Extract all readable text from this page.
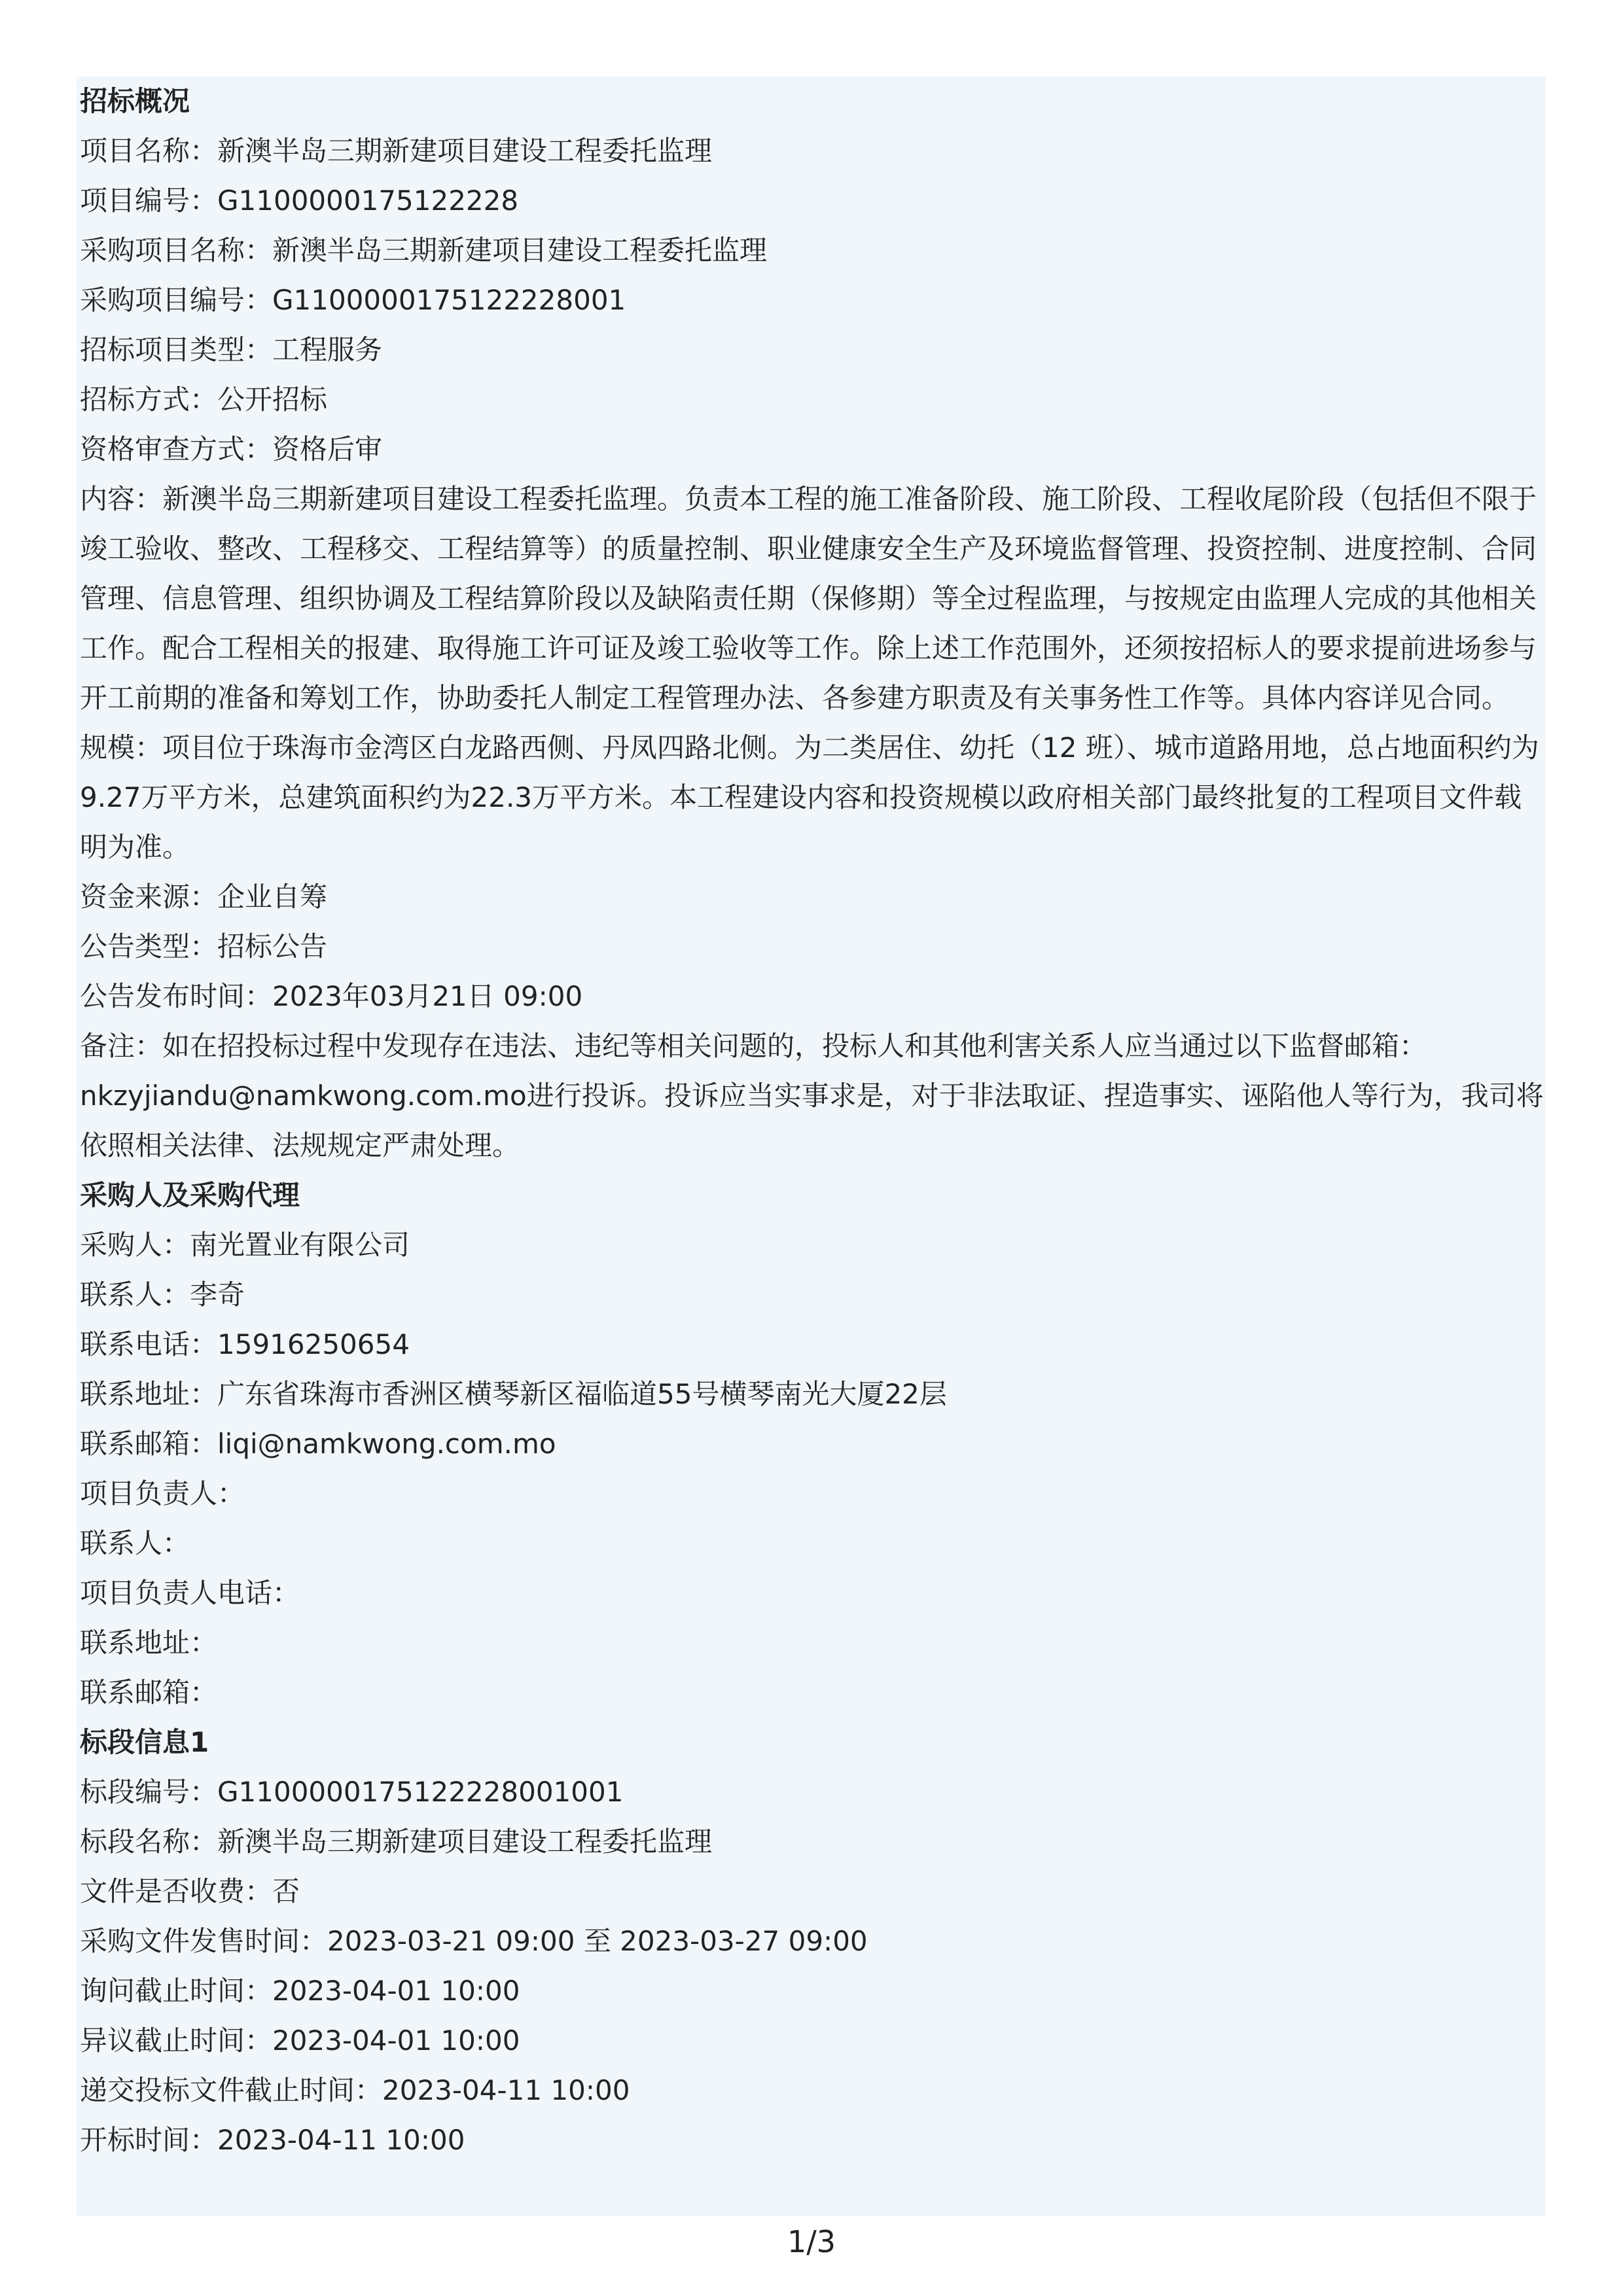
招标概况
项目名称：新澳半岛三期新建项目建设工程委托监理
项目编号：G1100000175122228
采购项目名称：新澳半岛三期新建项目建设工程委托监理
采购项目编号：G1100000175122228001
招标项目类型：工程服务
招标方式：公开招标
资格审查方式：资格后审
内容：新澳半岛三期新建项目建设工程委托监理。负责本工程的施工准备阶段、施工阶段、工程收尾阶段（包括但不限于竣工验收、整改、工程移交、工程结算等）的质量控制、职业健康安全生产及环境监督管理、投资控制、进度控制、合同管理、信息管理、组织协调及工程结算阶段以及缺陷责任期（保修期）等全过程监理，与按规定由监理人完成的其他相关工作。配合工程相关的报建、取得施工许可证及竣工验收等工作。除上述工作范围外，还须按招标人的要求提前进场参与开工前期的准备和筹划工作，协助委托人制定工程管理办法、各参建方职责及有关事务性工作等。具体内容详见合同。
规模：项目位于珠海市金湾区白龙路西侧、丹凤四路北侧。为二类居住、幼托（12 班）、城市道路用地，总占地面积约为9.27万平方米，总建筑面积约为22.3万平方米。本工程建设内容和投资规模以政府相关部门最终批复的工程项目文件载明为准。
资金来源：企业自筹
公告类型：招标公告
公告发布时间：2023年03月21日 09:00
备注：如在招投标过程中发现存在违法、违纪等相关问题的，投标人和其他利害关系人应当通过以下监督邮箱：nkzyjiandu@namkwong.com.mo进行投诉。投诉应当实事求是，对于非法取证、捏造事实、诬陷他人等行为，我司将依照相关法律、法规规定严肃处理。
采购人及采购代理
采购人：南光置业有限公司
联系人：李奇
联系电话：15916250654
联系地址：广东省珠海市香洲区横琴新区福临道55号横琴南光大厦22层
联系邮箱：liqi@namkwong.com.mo
项目负责人：
联系人：
项目负责人电话：
联系地址：
联系邮箱：
标段信息1
标段编号：G1100000175122228001001
标段名称：新澳半岛三期新建项目建设工程委托监理
文件是否收费：否
采购文件发售时间：2023-03-21 09:00 至 2023-03-27 09:00
询问截止时间：2023-04-01 10:00
异议截止时间：2023-04-01 10:00
递交投标文件截止时间：2023-04-11 10:00
开标时间：2023-04-11 10:00
1/3
